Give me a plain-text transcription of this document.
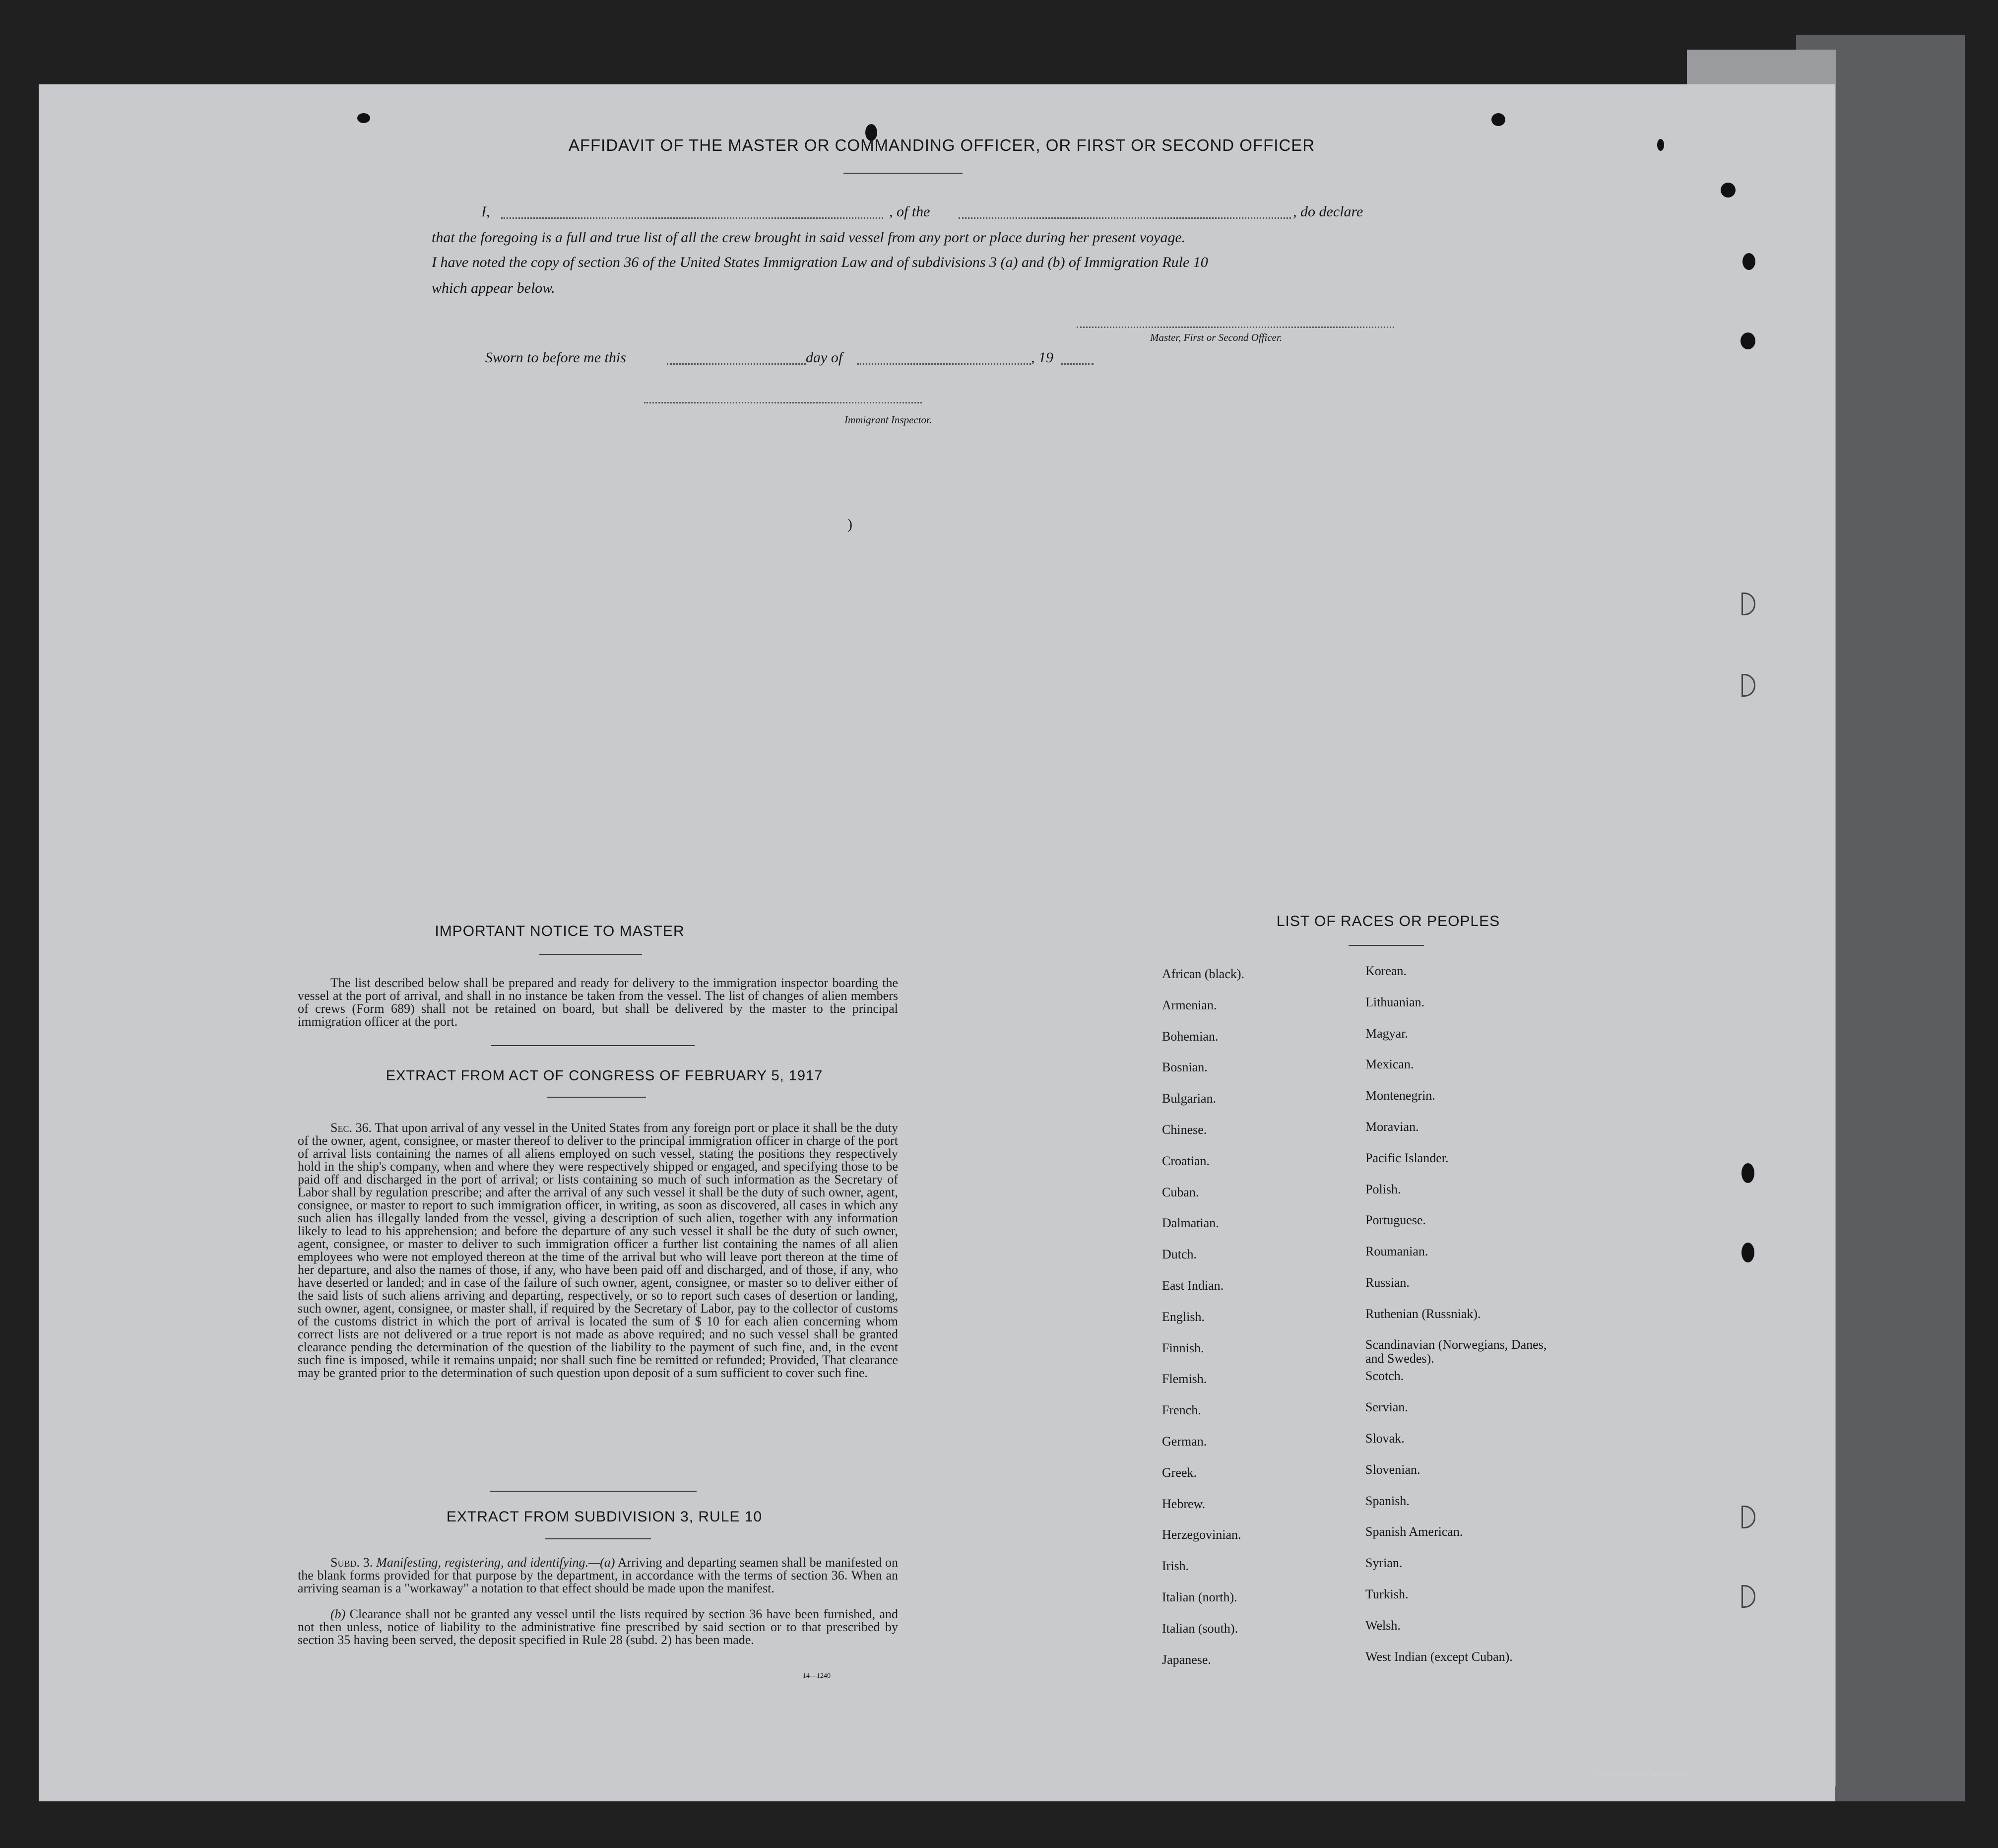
AFFIDAVIT OF THE MASTER OR COMMANDING OFFICER, OR FIRST OR SECOND OFFICER
I,	, of the	, do declare
that the foregoing is a full and true list of all the crew brought in said vessel from any port or place during her present voyage.
I have noted the copy of section 36 of the United States Immigration Law and of subdivisions 3 (a) and (b) of Immigration Rule 10
which appear below.
Master, First or Second Officer.
Sworn to before me this	day of	, 19
Immigrant Inspector.
)
IMPORTANT NOTICE TO MASTER
The list described below shall be prepared and ready for delivery to the immigration inspector boarding the vessel at the port of arrival, and shall in no instance be taken from the vessel. The list of changes of alien members of crews (Form 689) shall not be retained on board, but shall be delivered by the master to the principal immigration officer at the port.
EXTRACT FROM ACT OF CONGRESS OF FEBRUARY 5, 1917
Sec. 36. That upon arrival of any vessel in the United States from any foreign port or place it shall be the duty of the owner, agent, consignee, or master thereof to deliver to the principal immigration officer in charge of the port of arrival lists containing the names of all aliens employed on such vessel, stating the positions they respectively hold in the ship's company, when and where they were respectively shipped or engaged, and specifying those to be paid off and discharged in the port of arrival; or lists containing so much of such information as the Secretary of Labor shall by regulation prescribe; and after the arrival of any such vessel it shall be the duty of such owner, agent, consignee, or master to report to such immigration officer, in writing, as soon as discovered, all cases in which any such alien has illegally landed from the vessel, giving a description of such alien, together with any information likely to lead to his apprehension; and before the departure of any such vessel it shall be the duty of such owner, agent, consignee, or master to deliver to such immigration officer a further list containing the names of all alien employees who were not employed thereon at the time of the arrival but who will leave port thereon at the time of her departure, and also the names of those, if any, who have been paid off and discharged, and of those, if any, who have deserted or landed; and in case of the failure of such owner, agent, consignee, or master so to deliver either of the said lists of such aliens arriving and departing, respectively, or so to report such cases of desertion or landing, such owner, agent, consignee, or master shall, if required by the Secretary of Labor, pay to the collector of customs of the customs district in which the port of arrival is located the sum of $ 10 for each alien concerning whom correct lists are not delivered or a true report is not made as above required; and no such vessel shall be granted clearance pending the determination of the question of the liability to the payment of such fine, and, in the event such fine is imposed, while it remains unpaid; nor shall such fine be remitted or refunded; Provided, That clearance may be granted prior to the determination of such question upon deposit of a sum sufficient to cover such fine.
EXTRACT FROM SUBDIVISION 3, RULE 10
Subd. 3. Manifesting, registering, and identifying.—(a) Arriving and departing seamen shall be manifested on the blank forms provided for that purpose by the department, in accordance with the terms of section 36. When an arriving seaman is a "workaway" a notation to that effect should be made upon the manifest.
(b) Clearance shall not be granted any vessel until the lists required by section 36 have been furnished, and not then unless, notice of liability to the administrative fine prescribed by said section or to that prescribed by section 35 having been served, the deposit specified in Rule 28 (subd. 2) has been made.
14—1240
LIST OF RACES OR PEOPLES
African (black).
Armenian.
Bohemian.
Bosnian.
Bulgarian.
Chinese.
Croatian.
Cuban.
Dalmatian.
Dutch.
East Indian.
English.
Finnish.
Flemish.
French.
German.
Greek.
Hebrew.
Herzegovinian.
Irish.
Italian (north).
Italian (south).
Japanese.
Korean.
Lithuanian.
Magyar.
Mexican.
Montenegrin.
Moravian.
Pacific Islander.
Polish.
Portuguese.
Roumanian.
Russian.
Ruthenian (Russniak).
Scandinavian (Norwegians, Danes, and Swedes).
Scotch.
Servian.
Slovak.
Slovenian.
Spanish.
Spanish American.
Syrian.
Turkish.
Welsh.
West Indian (except Cuban).
U. S. GOVERNMENT PRINTING OFFICE: 1920
